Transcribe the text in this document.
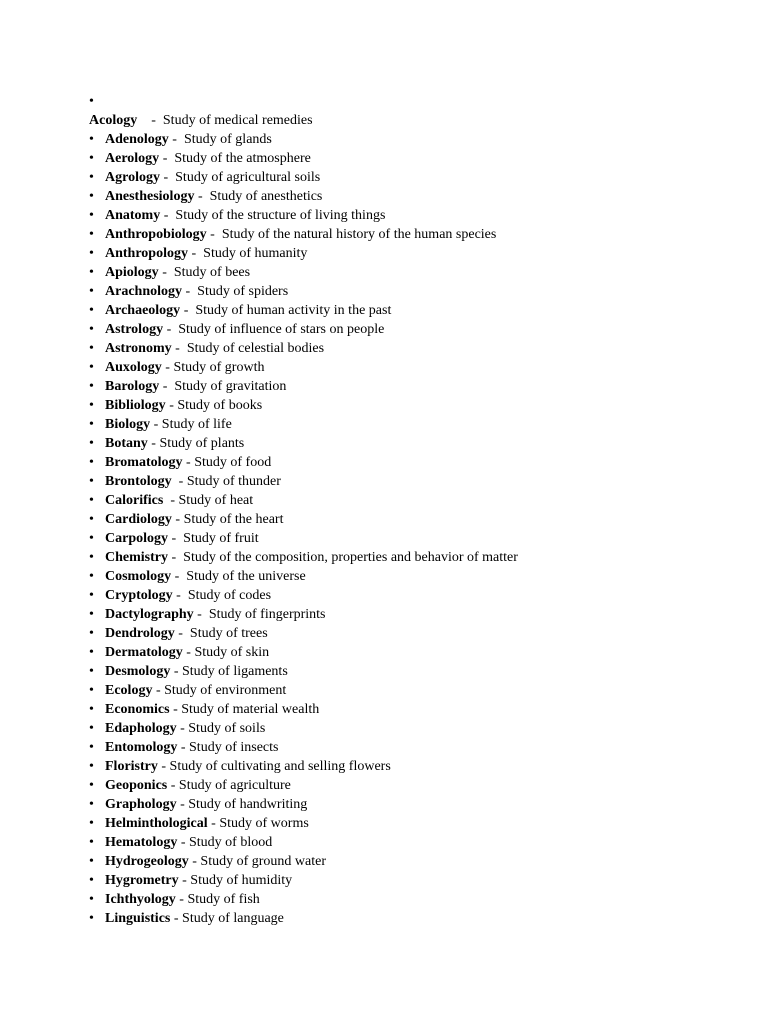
•
Acology    -  Study of medical remedies
• Adenology -  Study of glands
• Aerology -  Study of the atmosphere
• Agrology -  Study of agricultural soils
• Anesthesiology -  Study of anesthetics
• Anatomy -  Study of the structure of living things
• Anthropobiology -  Study of the natural history of the human species
• Anthropology -  Study of humanity
• Apiology -  Study of bees
• Arachnology -  Study of spiders
• Archaeology -  Study of human activity in the past
• Astrology -  Study of influence of stars on people
• Astronomy -  Study of celestial bodies
• Auxology - Study of growth
• Barology -  Study of gravitation
• Bibliology - Study of books
• Biology - Study of life
• Botany - Study of plants
• Bromatology - Study of food
• Brontology  - Study of thunder
• Calorifics  - Study of heat
• Cardiology - Study of the heart
• Carpology -  Study of fruit
• Chemistry -  Study of the composition, properties and behavior of matter
• Cosmology -  Study of the universe
• Cryptology -  Study of codes
• Dactylography -  Study of fingerprints
• Dendrology -  Study of trees
• Dermatology - Study of skin
• Desmology - Study of ligaments
• Ecology - Study of environment
• Economics - Study of material wealth
• Edaphology - Study of soils
• Entomology - Study of insects
• Floristry - Study of cultivating and selling flowers
• Geoponics - Study of agriculture
• Graphology - Study of handwriting
• Helminthological - Study of worms
• Hematology - Study of blood
• Hydrogeology - Study of ground water
• Hygrometry - Study of humidity
• Ichthyology - Study of fish
• Linguistics - Study of language
